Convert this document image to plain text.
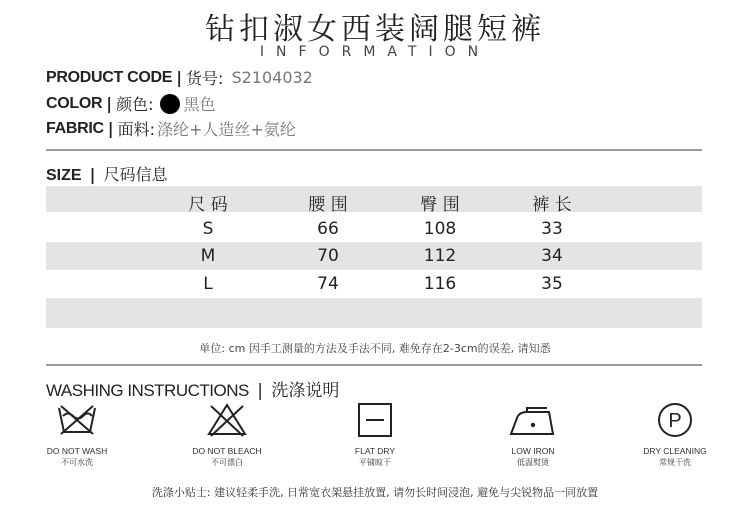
钻扣淑女西装阔腿短裤
INFORMATION
PRODUCT CODE | 货号: S2104032
COLOR | 颜色: 黑色
FABRIC | 面料: 涤纶+人造丝+氨纶
SIZE | 尺码信息
尺 码	腰 围	臀 围	裤 长
S	66	108	33
M	70	112	34
L	74	116	35
单位: cm 因手工测量的方法及手法不同, 难免存在2-3cm的误差, 请知悉
WASHING INSTRUCTIONS | 洗涤说明
DO NOT WASH
不可水洗
DO NOT BLEACH
不可漂白
FLAT DRY
平铺晾干
LOW IRON
低温熨烫
P
DRY CLEANING
常规干洗
洗涤小贴士: 建议轻柔手洗, 日常宽衣架悬挂放置, 请勿长时间浸泡, 避免与尖锐物品一同放置
